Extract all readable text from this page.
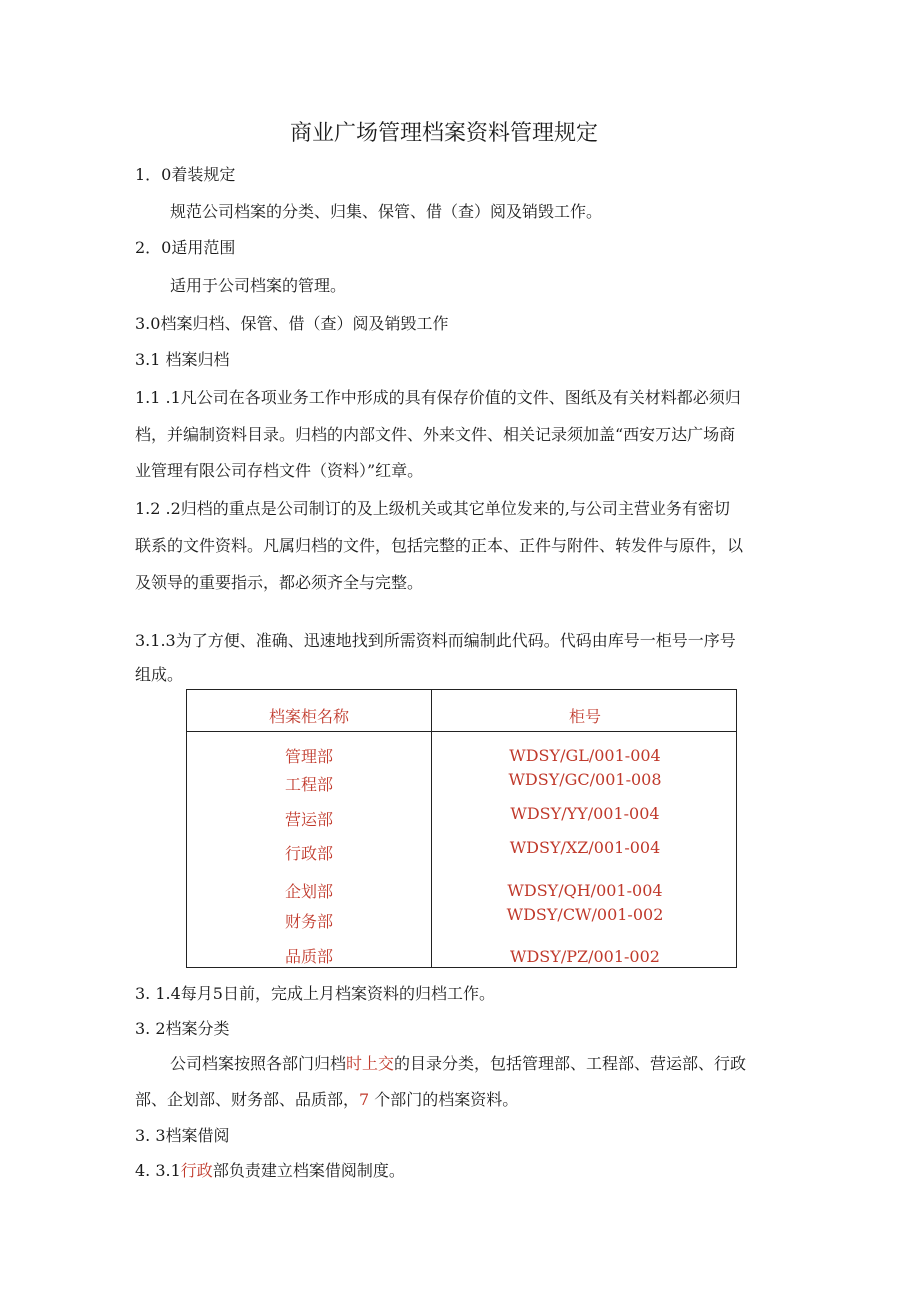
商业广场管理档案资料管理规定
1．0着装规定
规范公司档案的分类、归集、保管、借（查）阅及销毁工作。
2．0适用范围
适用于公司档案的管理。
3.0档案归档、保管、借（查）阅及销毁工作
3.1 档案归档
1.1 .1凡公司在各项业务工作中形成的具有保存价值的文件、图纸及有关材料都必须归
档，并编制资料目录。归档的内部文件、外来文件、相关记录须加盖“西安万达广场商
业管理有限公司存档文件（资料）”红章。
1.2 .2归档的重点是公司制订的及上级机关或其它单位发来的,与公司主营业务有密切
联系的文件资料。凡属归档的文件，包括完整的正本、正件与附件、转发件与原件，以
及领导的重要指示，都必须齐全与完整。
3.1.3为了方便、准确、迅速地找到所需资料而编制此代码。代码由库号一柜号一序号
组成。
档案柜名称	柜号
管理部	WDSY/GL/001-004
工程部	WDSY/GC/001-008
营运部	WDSY/YY/001-004
行政部	WDSY/XZ/001-004
企划部	WDSY/QH/001-004
财务部	WDSY/CW/001-002
品质部	WDSY/PZ/001-002
3. 1.4每月5日前，完成上月档案资料的归档工作。
3. 2档案分类
公司档案按照各部门归档时上交的目录分类，包括管理部、工程部、营运部、行政
部、企划部、财务部、品质部，7 个部门的档案资料。
3. 3档案借阅
4. 3.1行政部负责建立档案借阅制度。
